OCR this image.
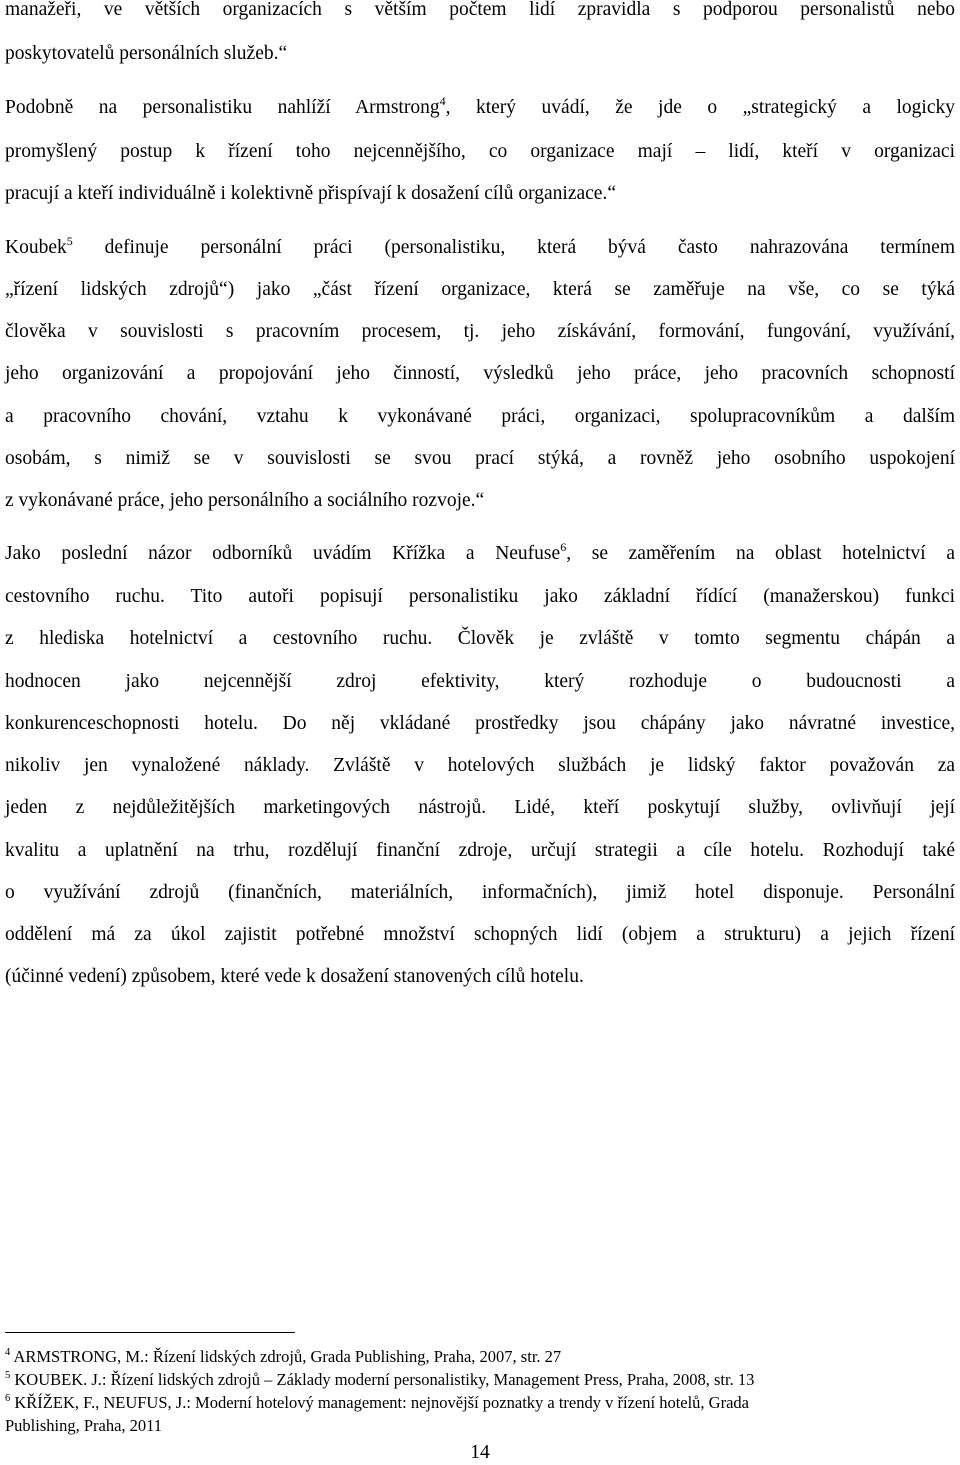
manažeři, ve větších organizacích s větším počtem lidí zpravidla s podporou personalistů nebo
poskytovatelů personálních služeb.“
Podobně na personalistiku nahlíží Armstrong$^4$, který uvádí, že jde o „strategický a logicky
promyšlený postup k řízení toho nejcennějšího, co organizace mají – lidí, kteří v organizaci
pracují a kteří individuálně i kolektivně přispívají k dosažení cílů organizace.“
Koubek$^5$ definuje personální práci (personalistiku, která bývá často nahrazována termínem
„řízení lidských zdrojů“) jako „část řízení organizace, která se zaměřuje na vše, co se týká
člověka v souvislosti s pracovním procesem, tj. jeho získávání, formování, fungování, využívání,
jeho organizování a propojování jeho činností, výsledků jeho práce, jeho pracovních schopností
a pracovního chování, vztahu k vykonávané práci, organizaci, spolupracovníkům a dalším
osobám, s nimiž se v souvislosti se svou prací stýká, a rovněž jeho osobního uspokojení
z vykonávané práce, jeho personálního a sociálního rozvoje.“
Jako poslední názor odborníků uvádím Křížka a Neufuse$^6$, se zaměřením na oblast hotelnictví a
cestovního ruchu. Tito autoři popisují personalistiku jako základní řídící (manažerskou) funkci
z hlediska hotelnictví a cestovního ruchu. Člověk je zvláště v tomto segmentu chápán a
hodnocen jako nejcennější zdroj efektivity, který rozhoduje o budoucnosti a
konkurenceschopnosti hotelu. Do něj vkládané prostředky jsou chápány jako návratné investice,
nikoliv jen vynaložené náklady. Zvláště v hotelových službách je lidský faktor považován za
jeden z nejdůležitějších marketingových nástrojů. Lidé, kteří poskytují služby, ovlivňují její
kvalitu a uplatnění na trhu, rozdělují finanční zdroje, určují strategii a cíle hotelu. Rozhodují také
o využívání zdrojů (finančních, materiálních, informačních), jimiž hotel disponuje. Personální
oddělení má za úkol zajistit potřebné množství schopných lidí (objem a strukturu) a jejich řízení
(účinné vedení) způsobem, které vede k dosažení stanovených cílů hotelu.
$^4$ ARMSTRONG, M.: Řízení lidských zdrojů, Grada Publishing, Praha, 2007, str. 27
$^5$ KOUBEK. J.: Řízení lidských zdrojů – Základy moderní personalistiky, Management Press, Praha, 2008, str. 13
$^6$ KŘÍŽEK, F., NEUFUS, J.: Moderní hotelový management: nejnovější poznatky a trendy v řízení hotelů, Grada
Publishing, Praha, 2011
14
